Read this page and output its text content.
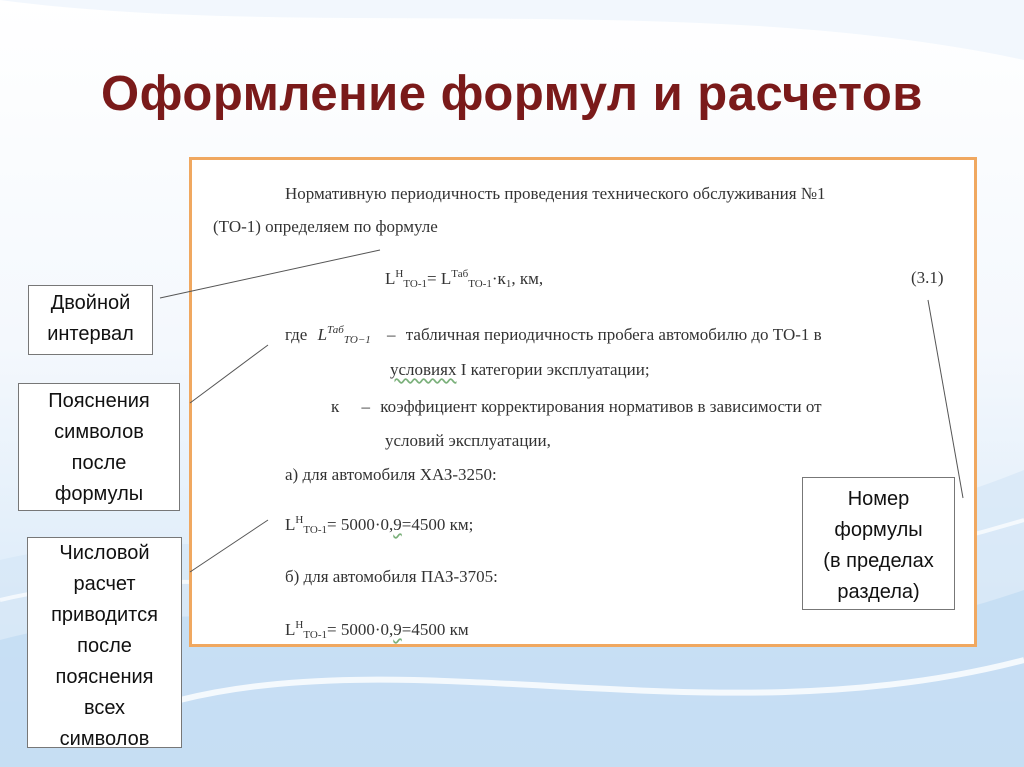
Оформление формул и расчетов
Нормативную периодичность проведения технического обслуживания №1
(ТО-1) определяем по формуле
$L^H_{ТО-1}= L^{Таб}_{ТО-1}\cdot к_1$, км,	(3.1)
где $L^{Таб}_{ТО-1}$ – табличная периодичность пробега автомобилю до ТО-1 в
условиях I категории эксплуатации;
к – коэффициент корректирования нормативов в зависимости от
условий эксплуатации,
а) для автомобиля ХАЗ-3250:
$L^H_{ТО-1}= 5000\cdot 0,9=4500$ км;
б) для автомобиля ПАЗ-3705:
$L^H_{ТО-1}= 5000\cdot 0,9=4500$ км
Двойной
интервал
Пояснения
символов
после
формулы
Числовой
расчет
приводится
после
пояснения
всех
символов
Номер
формулы
(в пределах
раздела)
